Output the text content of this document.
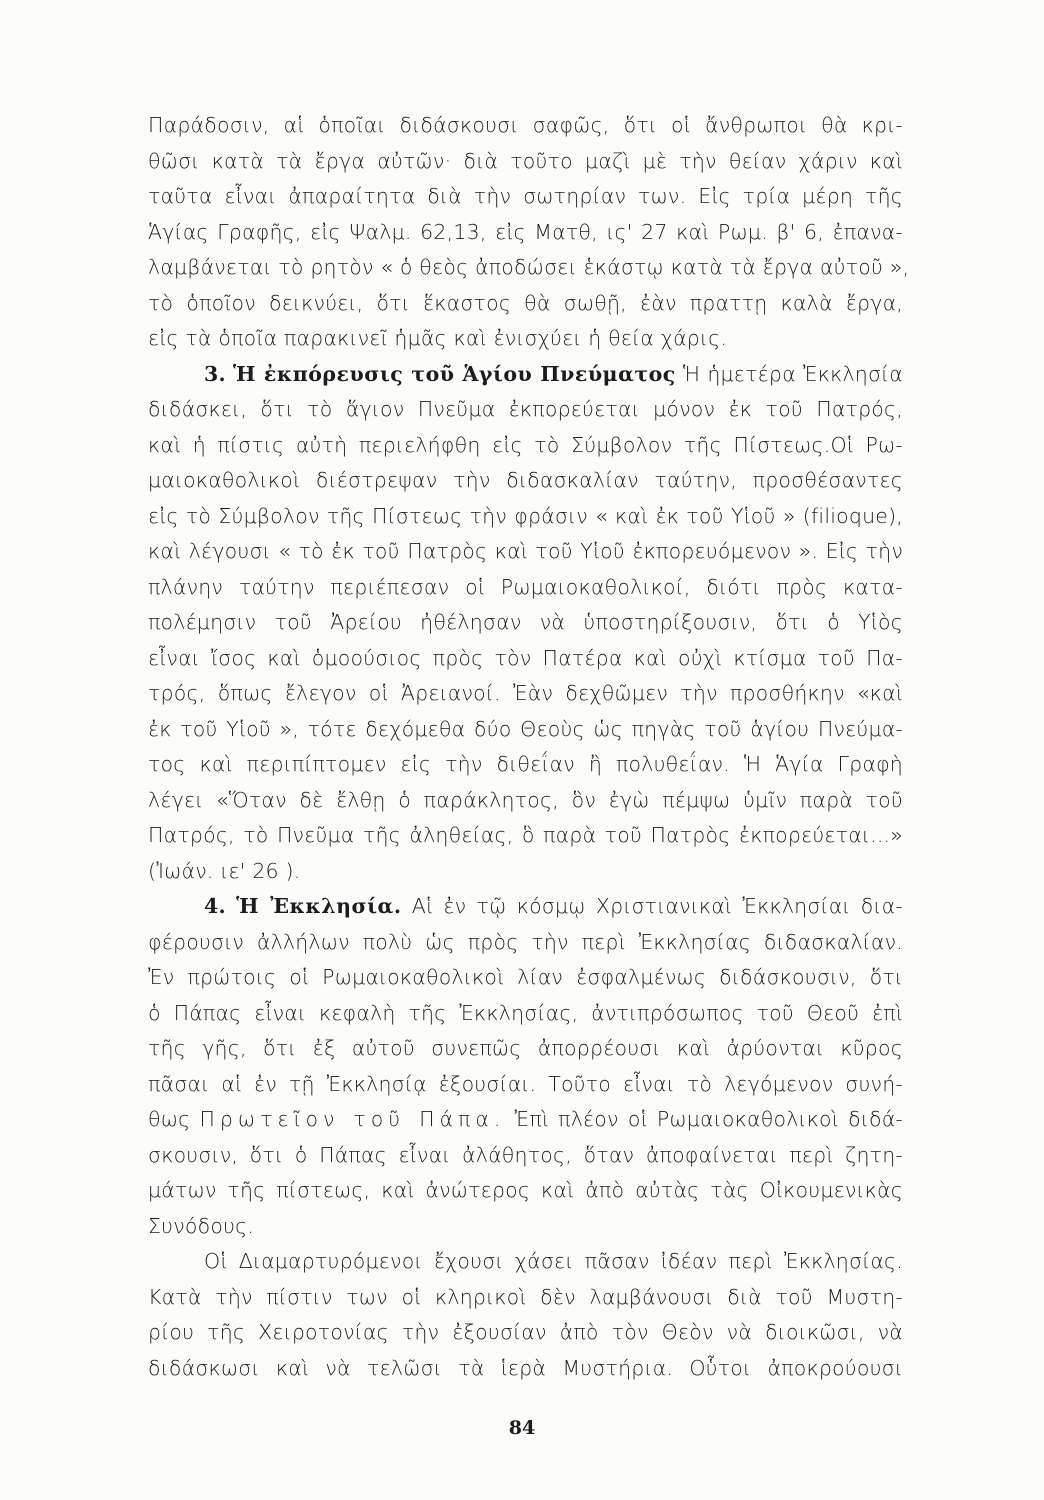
Παράδοσιν, αἱ ὁποῖαι διδάσκουσι σαφῶς, ὅτι οἱ ἄνθρωποι θὰ κρι-
θῶσι κατὰ τὰ ἔργα αὐτῶν· διὰ τοῦτο μαζὶ μὲ τὴν θείαν χάριν καὶ
ταῦτα εἶναι ἀπαραίτητα διὰ τὴν σωτηρίαν των. Εἰς τρία μέρη τῆς
Ἁγίας Γραφῆς, εἰς Ψαλμ. 62,13, εἰς Ματθ, ις' 27 καὶ Ρωμ. β' 6, ἐπανα-
λαμβάνεται τὸ ρητὸν « ὁ θεὸς ἀποδώσει ἑκάστῳ κατὰ τὰ ἔργα αὐτοῦ »,
τὸ ὁποῖον δεικνύει, ὅτι ἕκαστος θὰ σωθῇ, ἐὰν πραττῃ καλὰ ἔργα,
εἰς τὰ ὁποῖα παρακινεῖ ἡμᾶς καὶ ἐνισχύει ἡ θεία χάρις.
3. Ἡ ἐκπόρευσις τοῦ Ἁγίου Πνεύματος Ἡ ἡμετέρα Ἐκκλησία
διδάσκει, ὅτι τὸ ἅγιον Πνεῦμα ἐκπορεύεται μόνον ἐκ τοῦ Πατρός,
καὶ ἡ πίστις αὐτὴ περιελήφθη εἰς τὸ Σύμβολον τῆς Πίστεως.Οἱ Ρω-
μαιοκαθολικοὶ διέστρεψαν τὴν διδασκαλίαν ταύτην, προσθέσαντες
εἰς τὸ Σύμβολον τῆς Πίστεως τὴν φράσιν « καὶ ἐκ τοῦ Υἱοῦ » (filioque),
καὶ λέγουσι « τὸ ἐκ τοῦ Πατρὸς καὶ τοῦ Υἱοῦ ἐκπορευόμενον ». Εἰς τὴν
πλάνην ταύτην περιέπεσαν οἱ Ρωμαιοκαθολικοί, διότι πρὸς κατα-
πολέμησιν τοῦ Ἀρείου ἠθέλησαν νὰ ὑποστηρίξουσιν, ὅτι ὁ Υἱὸς
εἶναι ἴσος καὶ ὁμοούσιος πρὸς τὸν Πατέρα καὶ οὐχὶ κτίσμα τοῦ Πα-
τρός, ὅπως ἔλεγον οἱ Ἀρειανοί. Ἐὰν δεχθῶμεν τὴν προσθήκην «καὶ
ἐκ τοῦ Υἱοῦ », τότε δεχόμεθα δύο Θεοὺς ὡς πηγὰς τοῦ ἁγίου Πνεύμα-
τος καὶ περιπίπτομεν εἰς τὴν διθεΐαν ἢ πολυθεΐαν. Ἡ Ἁγία Γραφὴ
λέγει «Ὅταν δὲ ἔλθῃ ὁ παράκλητος, ὃν ἐγὼ πέμψω ὑμῖν παρὰ τοῦ
Πατρός, τὸ Πνεῦμα τῆς ἀληθείας, ὃ παρὰ τοῦ Πατρὸς ἐκπορεύεται...»
(Ἰωάν. ιε' 26 ).
4. Ἡ Ἐκκλησία. Αἱ ἐν τῷ κόσμῳ Χριστιανικαὶ Ἐκκλησίαι δια-
φέρουσιν ἀλλήλων πολὺ ὡς πρὸς τὴν περὶ Ἐκκλησίας διδασκαλίαν.
Ἐν πρώτοις οἱ Ρωμαιοκαθολικοὶ λίαν ἐσφαλμένως διδάσκουσιν, ὅτι
ὁ Πάπας εἶναι κεφαλὴ τῆς Ἐκκλησίας, ἀντιπρόσωπος τοῦ Θεοῦ ἐπὶ
τῆς γῆς, ὅτι ἐξ αὐτοῦ συνεπῶς ἀπορρέουσι καὶ ἀρύονται κῦρος
πᾶσαι αἱ ἐν τῇ Ἐκκλησίᾳ ἐξουσίαι. Τοῦτο εἶναι τὸ λεγόμενον συνή-
θως Πρωτεῖον τοῦ Πάπα. Ἐπὶ πλέον οἱ Ρωμαιοκαθολικοὶ διδά-
σκουσιν, ὅτι ὁ Πάπας εἶναι ἀλάθητος, ὅταν ἀποφαίνεται περὶ ζητη-
μάτων τῆς πίστεως, καὶ ἀνώτερος καὶ ἀπὸ αὐτὰς τὰς Οἰκουμενικὰς
Συνόδους.
Οἱ Διαμαρτυρόμενοι ἔχουσι χάσει πᾶσαν ἰδέαν περὶ Ἐκκλησίας.
Κατὰ τὴν πίστιν των οἱ κληρικοὶ δὲν λαμβάνουσι διὰ τοῦ Μυστη-
ρίου τῆς Χειροτονίας τὴν ἐξουσίαν ἀπὸ τὸν Θεὸν νὰ διοικῶσι, νὰ
διδάσκωσι καὶ νὰ τελῶσι τὰ ἱερὰ Μυστήρια. Οὗτοι ἀποκρούουσι
84
